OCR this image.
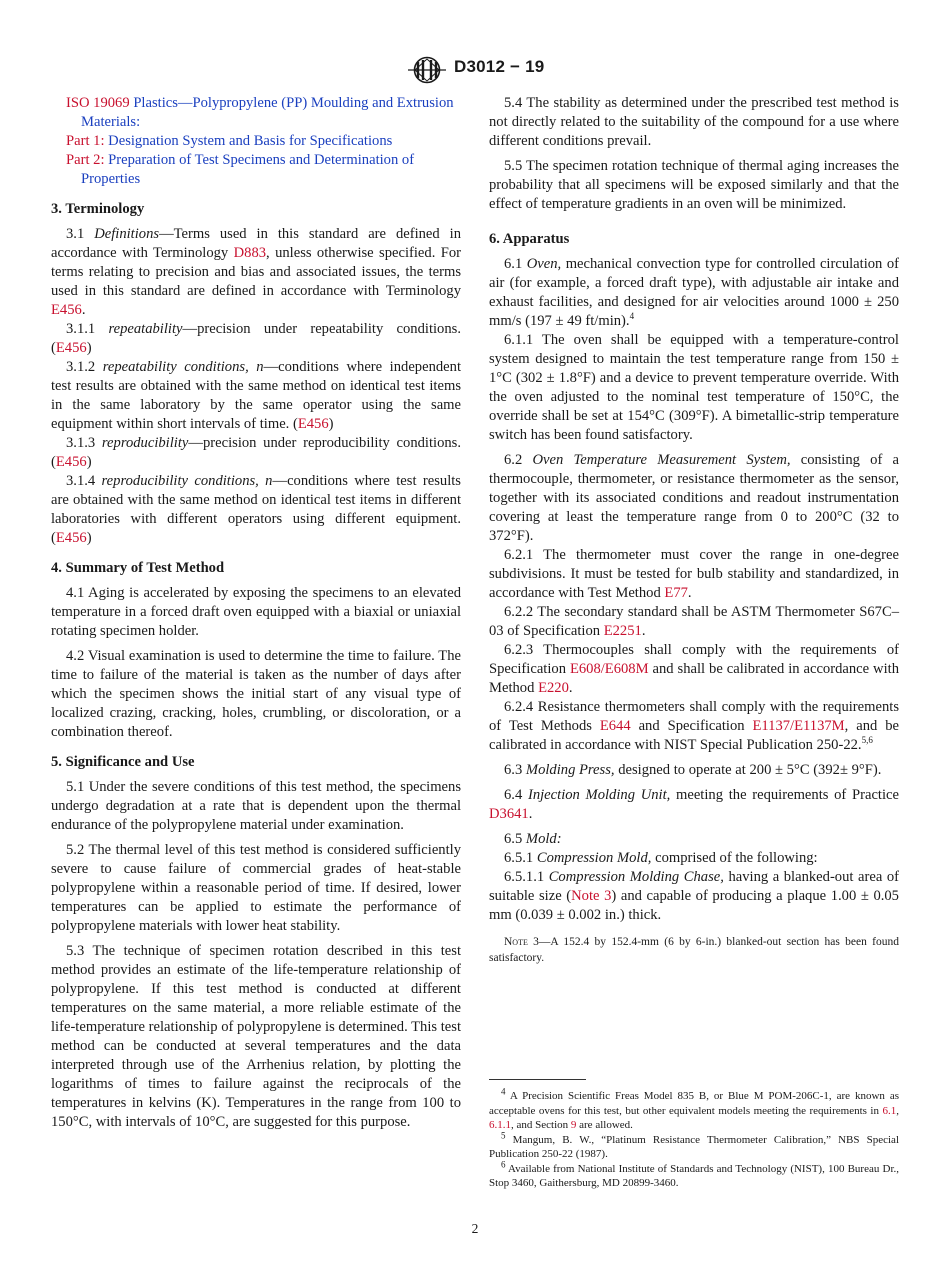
D3012 − 19

ISO 19069 Plastics—Polypropylene (PP) Moulding and Extrusion Materials:

Part 1: Designation System and Basis for Specifications

Part 2: Preparation of Test Specimens and Determination of Properties

3. Terminology

3.1 Definitions—Terms used in this standard are defined in accordance with Terminology D883, unless otherwise specified. For terms relating to precision and bias and associated issues, the terms used in this standard are defined in accordance with Terminology E456.

3.1.1 repeatability—precision under repeatability conditions. (E456)

3.1.2 repeatability conditions, n—conditions where independent test results are obtained with the same method on identical test items in the same laboratory by the same operator using the same equipment within short intervals of time. (E456)

3.1.3 reproducibility—precision under reproducibility conditions. (E456)

3.1.4 reproducibility conditions, n—conditions where test results are obtained with the same method on identical test items in different laboratories with different operators using different equipment. (E456)

4. Summary of Test Method

4.1 Aging is accelerated by exposing the specimens to an elevated temperature in a forced draft oven equipped with a biaxial or uniaxial rotating specimen holder.

4.2 Visual examination is used to determine the time to failure. The time to failure of the material is taken as the number of days after which the specimen shows the initial start of any visual type of localized crazing, cracking, holes, crumbling, or discoloration, or a combination thereof.

5. Significance and Use

5.1 Under the severe conditions of this test method, the specimens undergo degradation at a rate that is dependent upon the thermal endurance of the polypropylene material under examination.

5.2 The thermal level of this test method is considered sufficiently severe to cause failure of commercial grades of heat-stable polypropylene within a reasonable period of time. If desired, lower temperatures can be applied to estimate the performance of polypropylene materials with lower heat stability.

5.3 The technique of specimen rotation described in this test method provides an estimate of the life-temperature relationship of polypropylene. If this test method is conducted at different temperatures on the same material, a more reliable estimate of the life-temperature relationship of polypropylene is determined. This test method can be conducted at several temperatures and the data interpreted through use of the Arrhenius relation, by plotting the logarithms of times to failure against the reciprocals of the temperatures in kelvins (K). Temperatures in the range from 100 to 150°C, with intervals of 10°C, are suggested for this purpose.

5.4 The stability as determined under the prescribed test method is not directly related to the suitability of the compound for a use where different conditions prevail.

5.5 The specimen rotation technique of thermal aging increases the probability that all specimens will be exposed similarly and that the effect of temperature gradients in an oven will be minimized.

6. Apparatus

6.1 Oven, mechanical convection type for controlled circulation of air (for example, a forced draft type), with adjustable air intake and exhaust facilities, and designed for air velocities around 1000 ± 250 mm/s (197 ± 49 ft/min).$^4$

6.1.1 The oven shall be equipped with a temperature-control system designed to maintain the test temperature range from 150 ± 1°C (302 ± 1.8°F) and a device to prevent temperature override. With the oven adjusted to the nominal test temperature of 150°C, the override shall be set at 154°C (309°F). A bimetallic-strip temperature switch has been found satisfactory.

6.2 Oven Temperature Measurement System, consisting of a thermocouple, thermometer, or resistance thermometer as the sensor, together with its associated conditions and readout instrumentation covering at least the temperature range from 0 to 200°C (32 to 372°F).

6.2.1 The thermometer must cover the range in one-degree subdivisions. It must be tested for bulb stability and standardized, in accordance with Test Method E77.

6.2.2 The secondary standard shall be ASTM Thermometer S67C–03 of Specification E2251.

6.2.3 Thermocouples shall comply with the requirements of Specification E608/E608M and shall be calibrated in accordance with Method E220.

6.2.4 Resistance thermometers shall comply with the requirements of Test Methods E644 and Specification E1137/E1137M, and be calibrated in accordance with NIST Special Publication 250-22.$^{5,6}$

6.3 Molding Press, designed to operate at 200 ± 5°C (392± 9°F).

6.4 Injection Molding Unit, meeting the requirements of Practice D3641.

6.5 Mold:

6.5.1 Compression Mold, comprised of the following:

6.5.1.1 Compression Molding Chase, having a blanked-out area of suitable size (Note 3) and capable of producing a plaque 1.00 ± 0.05 mm (0.039 ± 0.002 in.) thick.

Note 3—A 152.4 by 152.4-mm (6 by 6-in.) blanked-out section has been found satisfactory.

$^4$ A Precision Scientific Freas Model 835 B, or Blue M POM-206C-1, are known as acceptable ovens for this test, but other equivalent models meeting the requirements in 6.1, 6.1.1, and Section 9 are allowed.

$^5$ Mangum, B. W., “Platinum Resistance Thermometer Calibration,” NBS Special Publication 250-22 (1987).

$^6$ Available from National Institute of Standards and Technology (NIST), 100 Bureau Dr., Stop 3460, Gaithersburg, MD 20899-3460.

2
